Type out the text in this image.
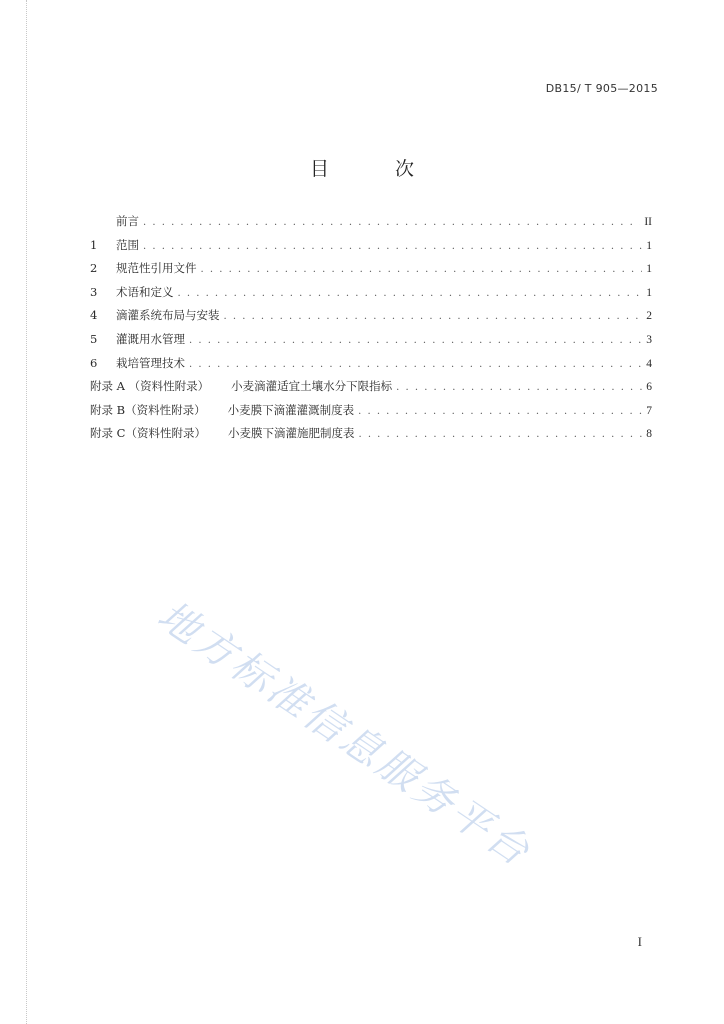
DB15/ T 905—2015
目 次
前言 . . .	II
1	范围 . . .	1
2	规范性引用文件 . . .	1
3	术语和定义 . . .	1
4	滴灌系统布局与安装 . . .	2
5	灌溉用水管理 . . .	3
6	栽培管理技术 . . .	4
附录 A （资料性附录） 小麦滴灌适宜土壤水分下限指标 . . .	6
附录 B（资料性附录） 小麦膜下滴灌灌溉制度表 . . .	7
附录 C（资料性附录） 小麦膜下滴灌施肥制度表 . . .	8
地方标准信息服务平台
I
